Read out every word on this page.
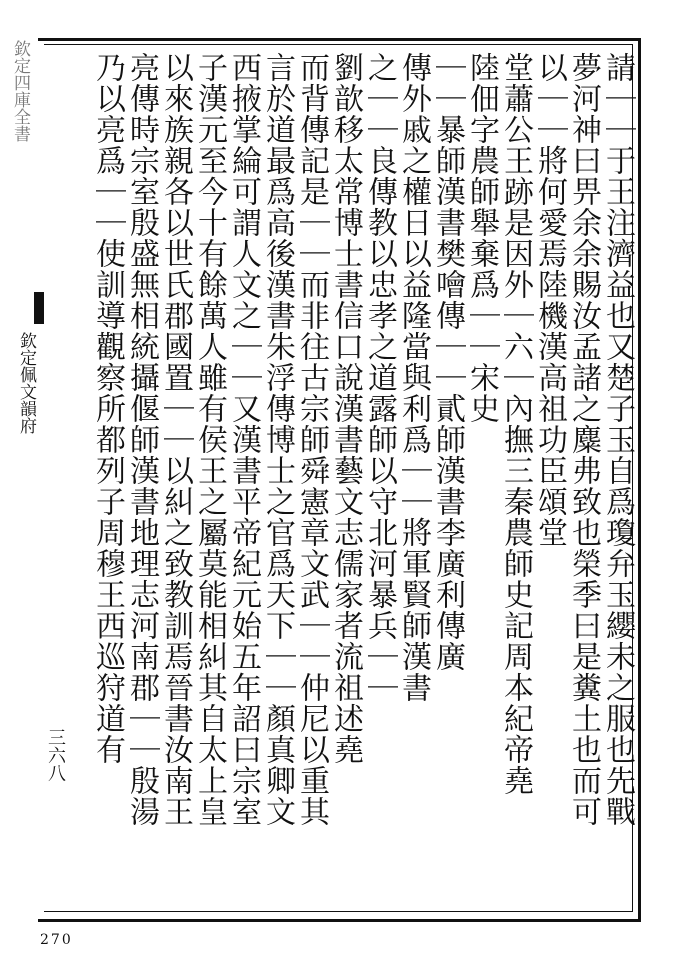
請｜｜于王注濟益也又楚子玉自爲瓊弁玉纓未之服也先戰
夢河神曰畀余余賜汝孟諸之麋弗致也榮季曰是糞土也而可
以｜｜將何愛焉陸機漢高祖功臣頌堂
堂蕭公王跡是因外｜六｜內撫三秦農師史記周本紀帝堯
陸佃字農師舉棄爲｜｜宋史
｜｜暴師漢書樊噲傳｜｜貳師漢書李廣利傳廣
傳外戚之權日以益隆當與利爲｜｜將軍賢師漢書
之｜｜良傳教以忠孝之道露師以守北河暴兵｜｜
劉歆移太常博士書信口說漢書藝文志儒家者流祖述堯
而背傳記是｜｜而非往古宗師舜憲章文武｜｜仲尼以重其
言於道最爲高後漢書朱浮傳博士之官爲天下｜｜顏真卿文
西掖掌綸可謂人文之｜｜又漢書平帝紀元始五年詔曰宗室
子漢元至今十有餘萬人雖有侯王之屬莫能相糾其自太上皇
以來族親各以世氏郡國置｜｜以糾之致教訓焉晉書汝南王
亮傳時宗室殷盛無相統攝偃師漢書地理志河南郡｜｜殷湯
乃以亮爲｜｜使訓導觀察所都列子周穆王西巡狩道有
欽定四庫全書
欽定佩文韻府
三六八
270
